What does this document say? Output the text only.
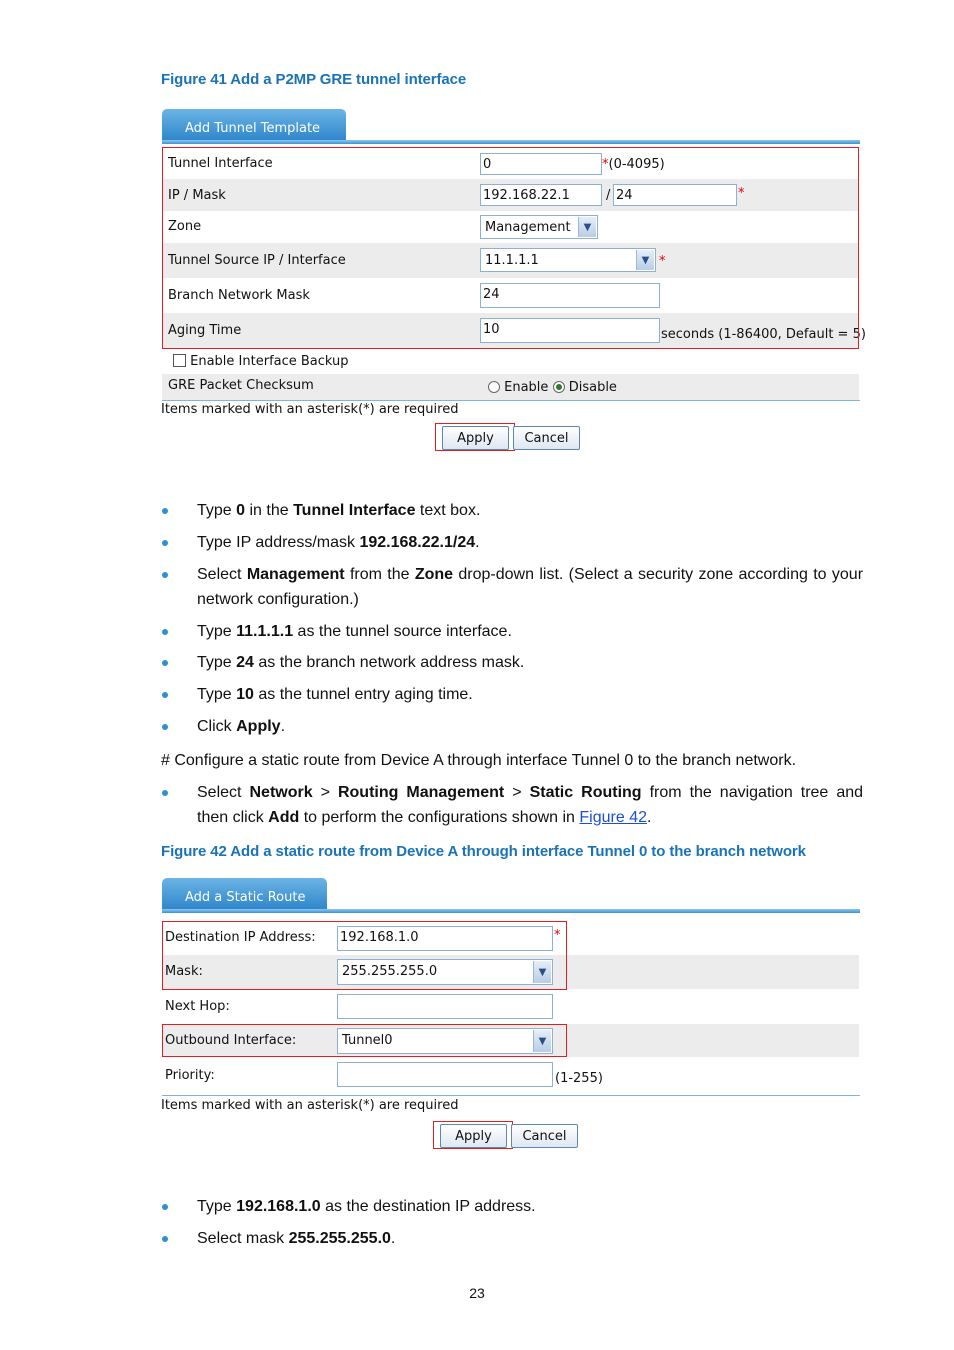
Figure 41 Add a P2MP GRE tunnel interface
Add Tunnel Template
Tunnel Interface	0	*(0-4095)
IP / Mask	192.168.22.1	/ 24	*
Zone	Management	▼
Tunnel Source IP / Interface	11.1.1.1	▼ *
Branch Network Mask	24
Aging Time	10	seconds (1-86400, Default = 5)
Enable Interface Backup
GRE Packet Checksum	Enable Disable
Items marked with an asterisk(*) are required
Apply	Cancel
Type 0 in the Tunnel Interface text box.
Type IP address/mask 192.168.22.1/24.
Select Management from the Zone drop-down list. (Select a security zone according to your
network configuration.)
Type 11.1.1.1 as the tunnel source interface.
Type 24 as the branch network address mask.
Type 10 as the tunnel entry aging time.
Click Apply.
# Configure a static route from Device A through interface Tunnel 0 to the branch network.
Select Network > Routing Management > Static Routing from the navigation tree and
then click Add to perform the configurations shown in Figure 42.
Figure 42 Add a static route from Device A through interface Tunnel 0 to the branch network
Add a Static Route
Destination IP Address: 192.168.1.0	*
Mask:	255.255.255.0	▼
Next Hop:
Outbound Interface:	Tunnel0	▼
Priority:	(1-255)
Items marked with an asterisk(*) are required
Apply	Cancel
Type 192.168.1.0 as the destination IP address.
Select mask 255.255.255.0.
23
